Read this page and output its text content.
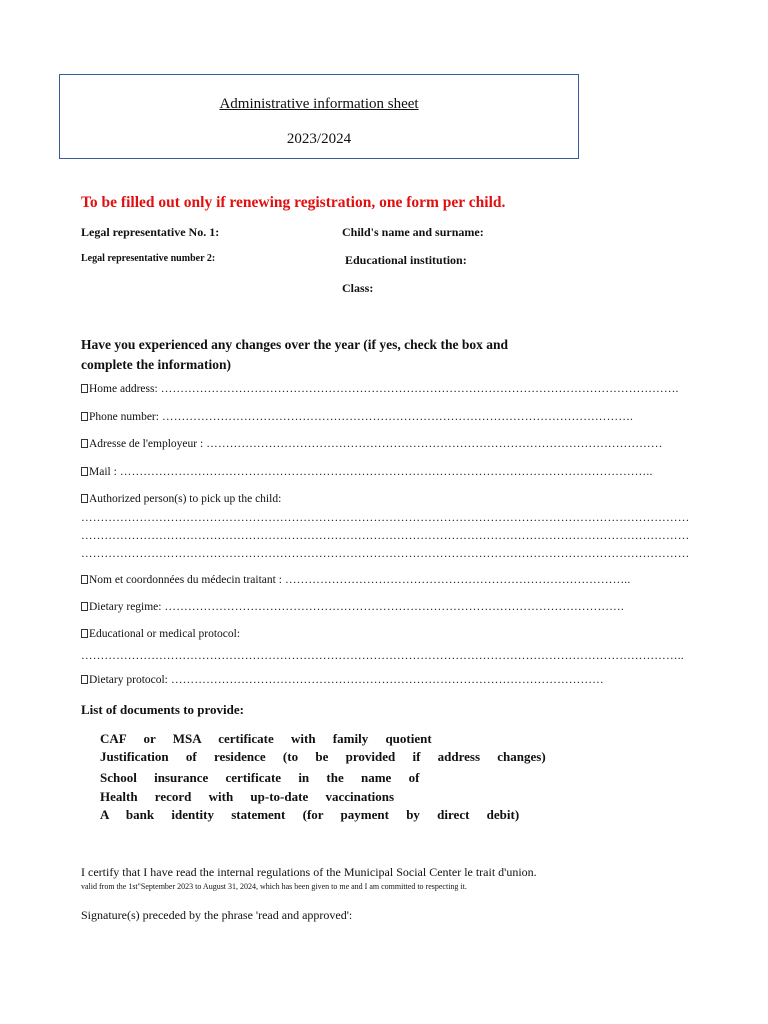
Administrative information sheet
2023/2024
To be filled out only if renewing registration, one form per child.
Legal representative No. 1:
Legal representative number 2:
Child's name and surname:
Educational institution:
Class:
Have you experienced any changes over the year (if yes, check the box and complete the information)
Home address: …………………………………………………………………………………………………………………….
Phone number: ………………………………………………………………………………………………………….
Adresse de l'employeur : ………………………………………………………………………………………………………
Mail : ………………………………………………………………………………………………………………………..
Authorized person(s) to pick up the child:
…………………………………………………………………………………………………………………………………………
…………………………………………………………………………………………………………………………………………
…………………………………………………………………………………………………………………………………………
Nom et coordonnées du médecin traitant : ……………………………………………………………………………..
Dietary regime: ……………………………………………………………………………………………………….
Educational or medical protocol:
………………………………………………………………………………………………………………………………………..
Dietary protocol: …………………………………………………………………………………………………
List of documents to provide:
CAF or MSA certificate with family quotient
Justification of residence (to be provided if address changes)
School insurance certificate in the name of
Health record with up-to-date vaccinations
A bank identity statement (for payment by direct debit)
I certify that I have read the internal regulations of the Municipal Social Center le trait d'union.
valid from the 1st"September 2023 to August 31, 2024, which has been given to me and I am committed to respecting it.
Signature(s) preceded by the phrase 'read and approved':
